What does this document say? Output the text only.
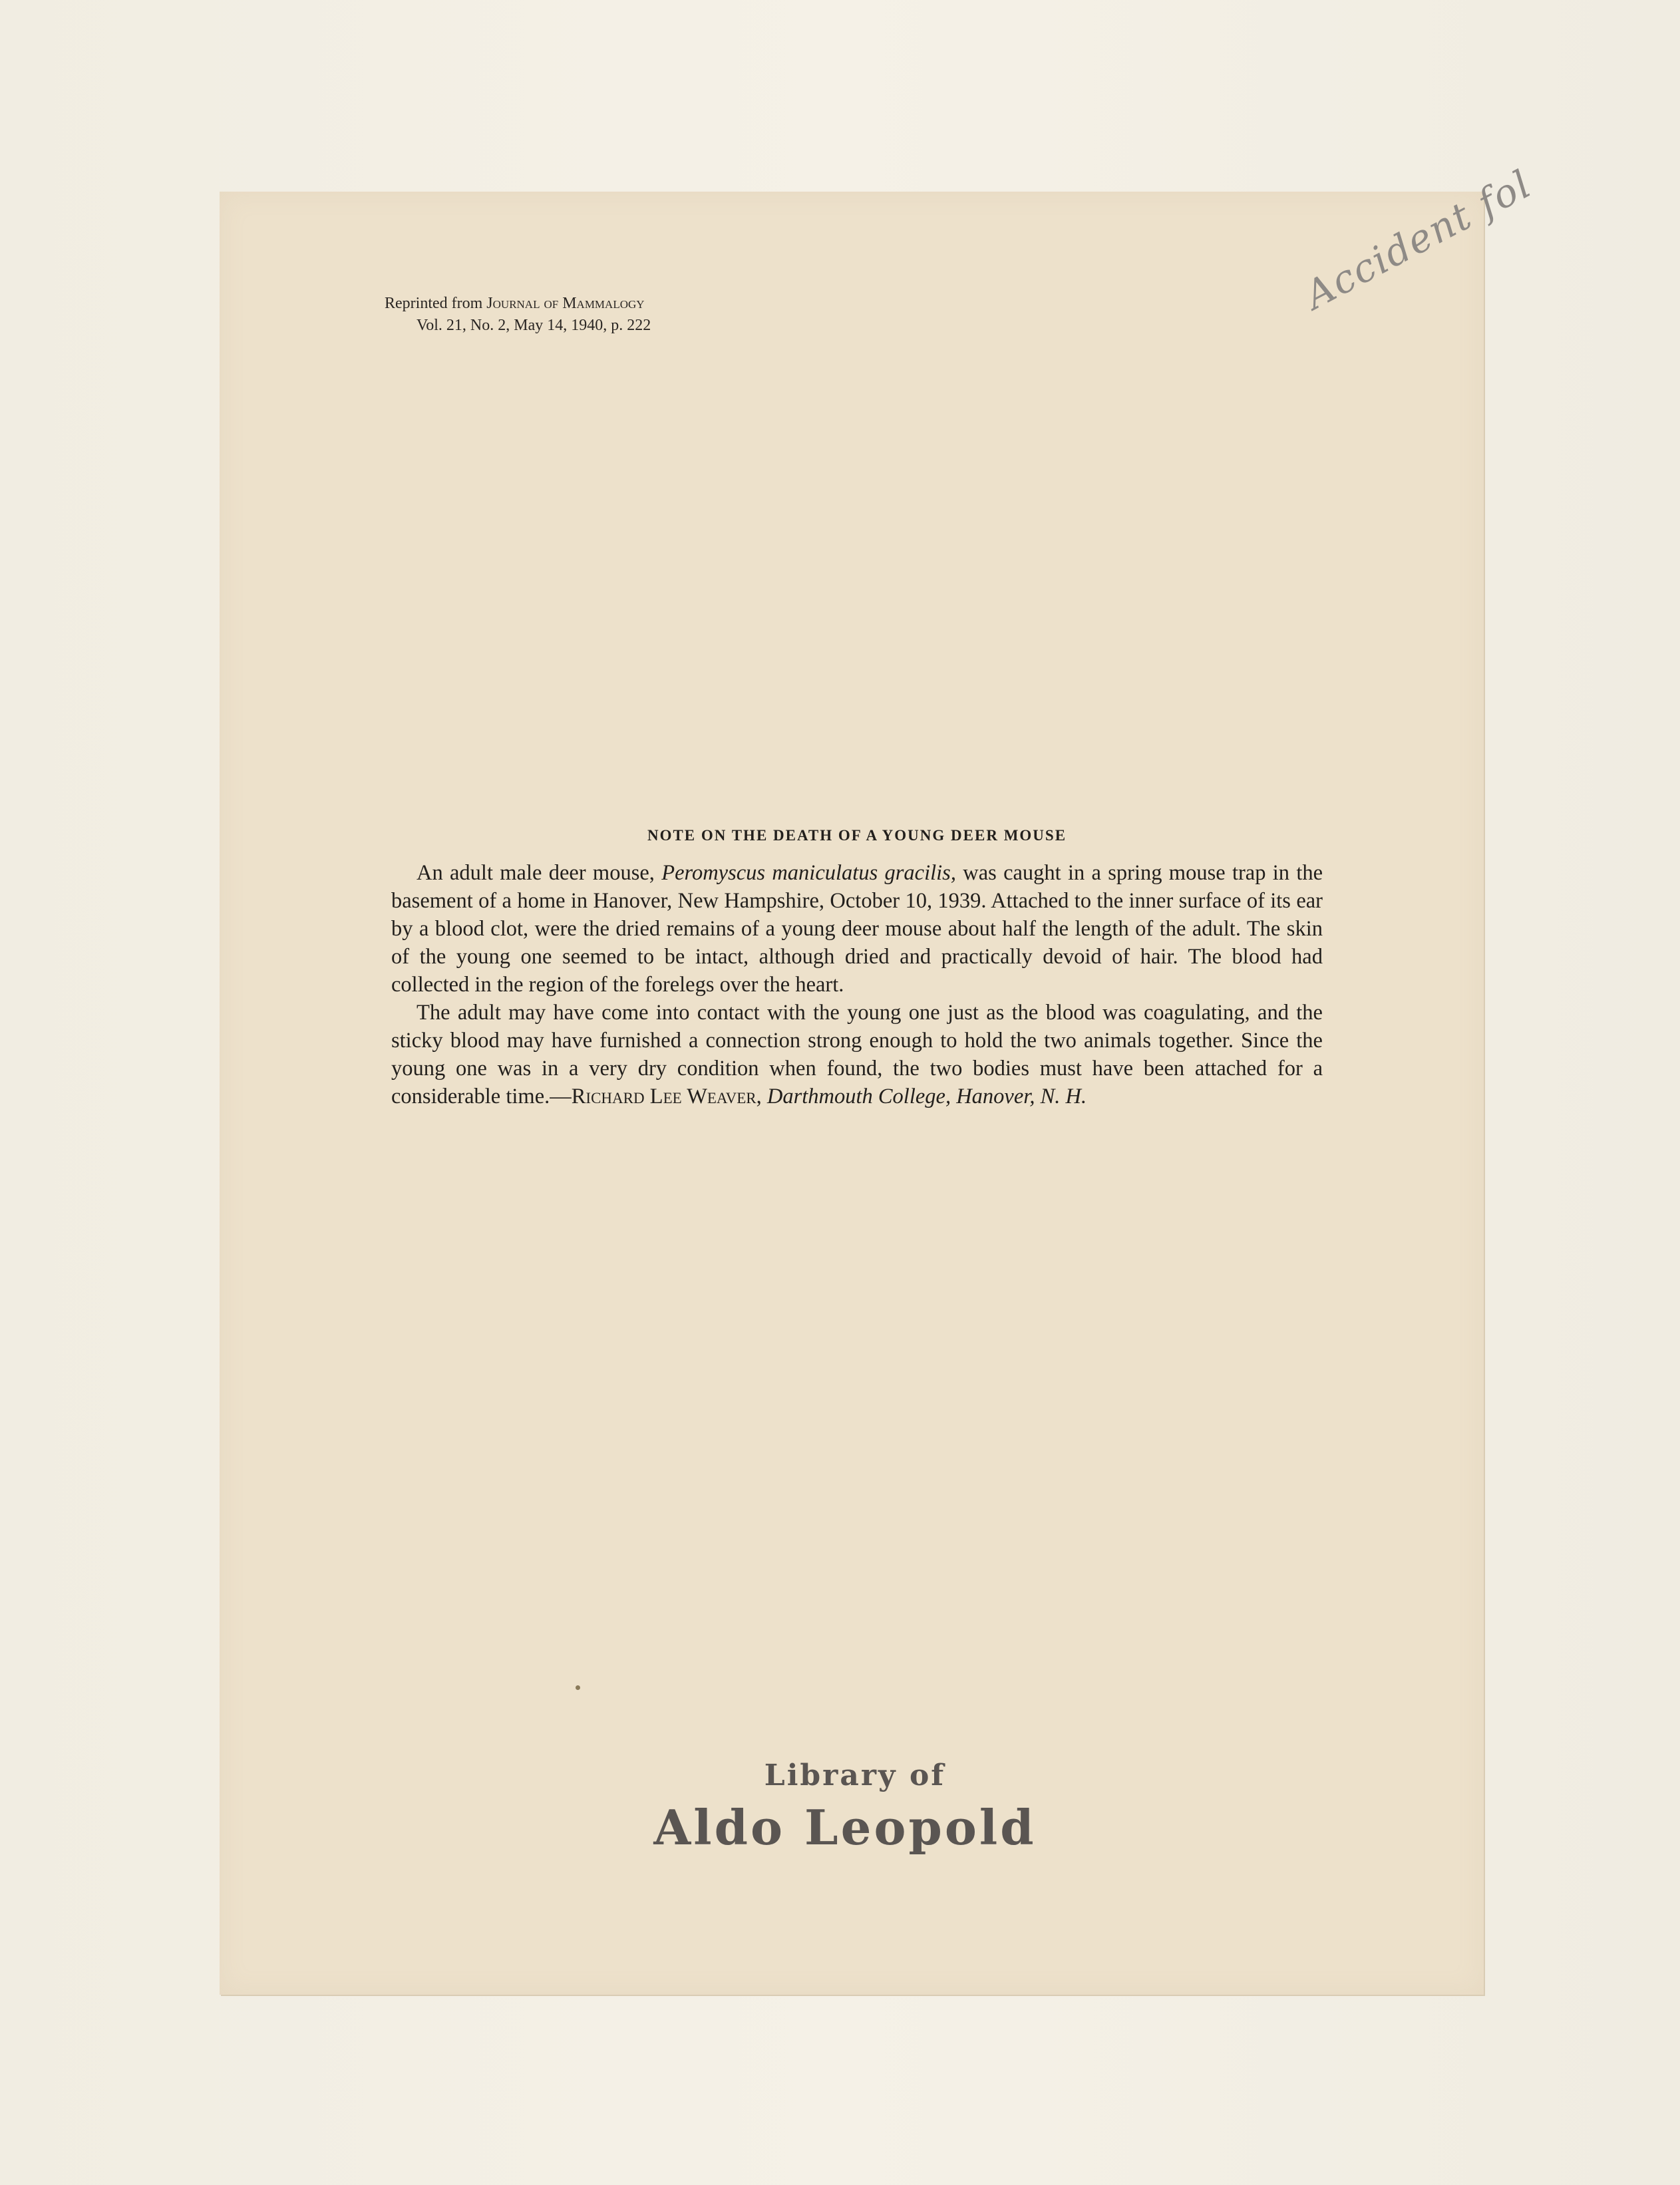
Reprinted from Journal of Mammalogy
Vol. 21, No. 2, May 14, 1940, p. 222
Accident fol
NOTE ON THE DEATH OF A YOUNG DEER MOUSE

An adult male deer mouse, Peromyscus maniculatus gracilis, was caught in a spring mouse trap in the basement of a home in Hanover, New Hampshire, October 10, 1939. Attached to the inner surface of its ear by a blood clot, were the dried remains of a young deer mouse about half the length of the adult. The skin of the young one seemed to be intact, although dried and practically devoid of hair. The blood had collected in the region of the forelegs over the heart.

The adult may have come into contact with the young one just as the blood was coagulating, and the sticky blood may have furnished a connection strong enough to hold the two animals together. Since the young one was in a very dry condition when found, the two bodies must have been attached for a considerable time.—Richard Lee Weaver, Darthmouth College, Hanover, N. H.

Library of
Aldo Leopold
